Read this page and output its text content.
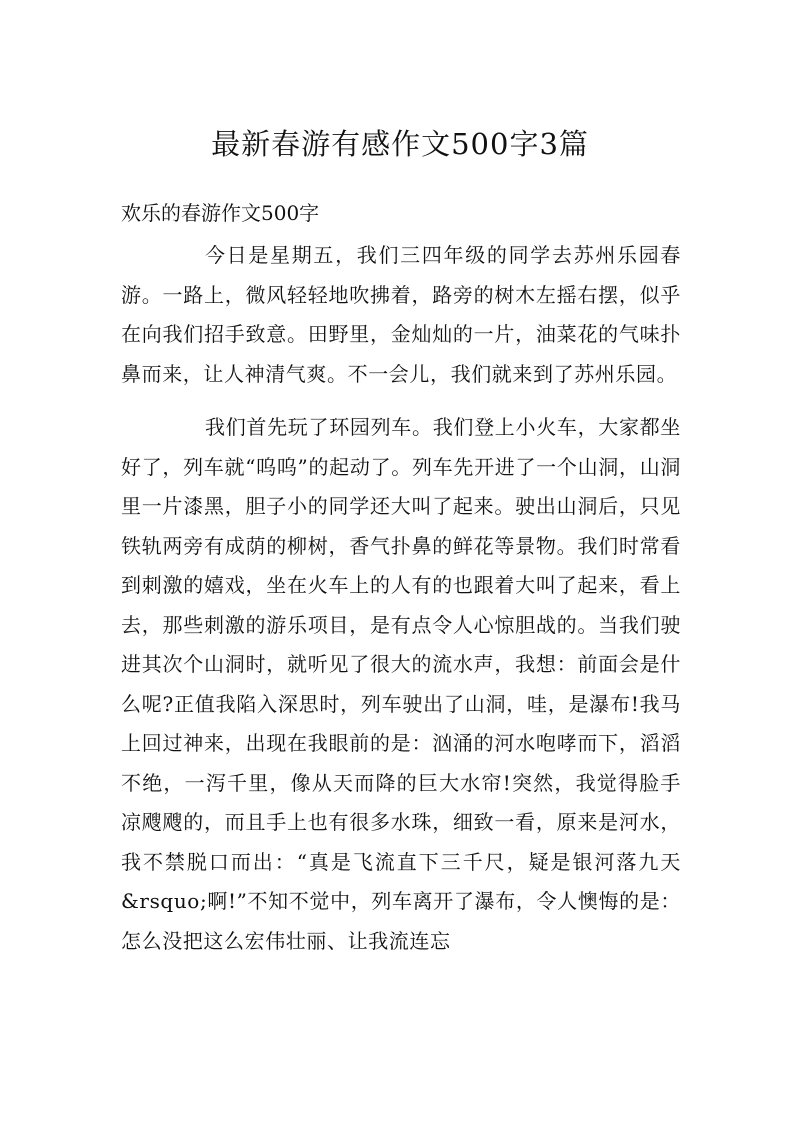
最新春游有感作文500字3篇

欢乐的春游作文500字

今日是星期五，我们三四年级的同学去苏州乐园春游。一路上，微风轻轻地吹拂着，路旁的树木左摇右摆，似乎在向我们招手致意。田野里，金灿灿的一片，油菜花的气味扑鼻而来，让人神清气爽。不一会儿，我们就来到了苏州乐园。

我们首先玩了环园列车。我们登上小火车，大家都坐好了，列车就“呜呜”的起动了。列车先开进了一个山洞，山洞里一片漆黑，胆子小的同学还大叫了起来。驶出山洞后，只见铁轨两旁有成荫的柳树，香气扑鼻的鲜花等景物。我们时常看到刺激的嬉戏，坐在火车上的人有的也跟着大叫了起来，看上去，那些刺激的游乐项目，是有点令人心惊胆战的。当我们驶进其次个山洞时，就听见了很大的流水声，我想：前面会是什么呢?正值我陷入深思时，列车驶出了山洞，哇，是瀑布!我马上回过神来，出现在我眼前的是：汹涌的河水咆哮而下，滔滔不绝，一泻千里，像从天而降的巨大水帘!突然，我觉得脸手凉飕飕的，而且手上也有很多水珠，细致一看，原来是河水，我不禁脱口而出：“真是飞流直下三千尺，疑是银河落九天&rsquo;啊!”不知不觉中，列车离开了瀑布，令人懊悔的是：怎么没把这么宏伟壮丽、让我流连忘
